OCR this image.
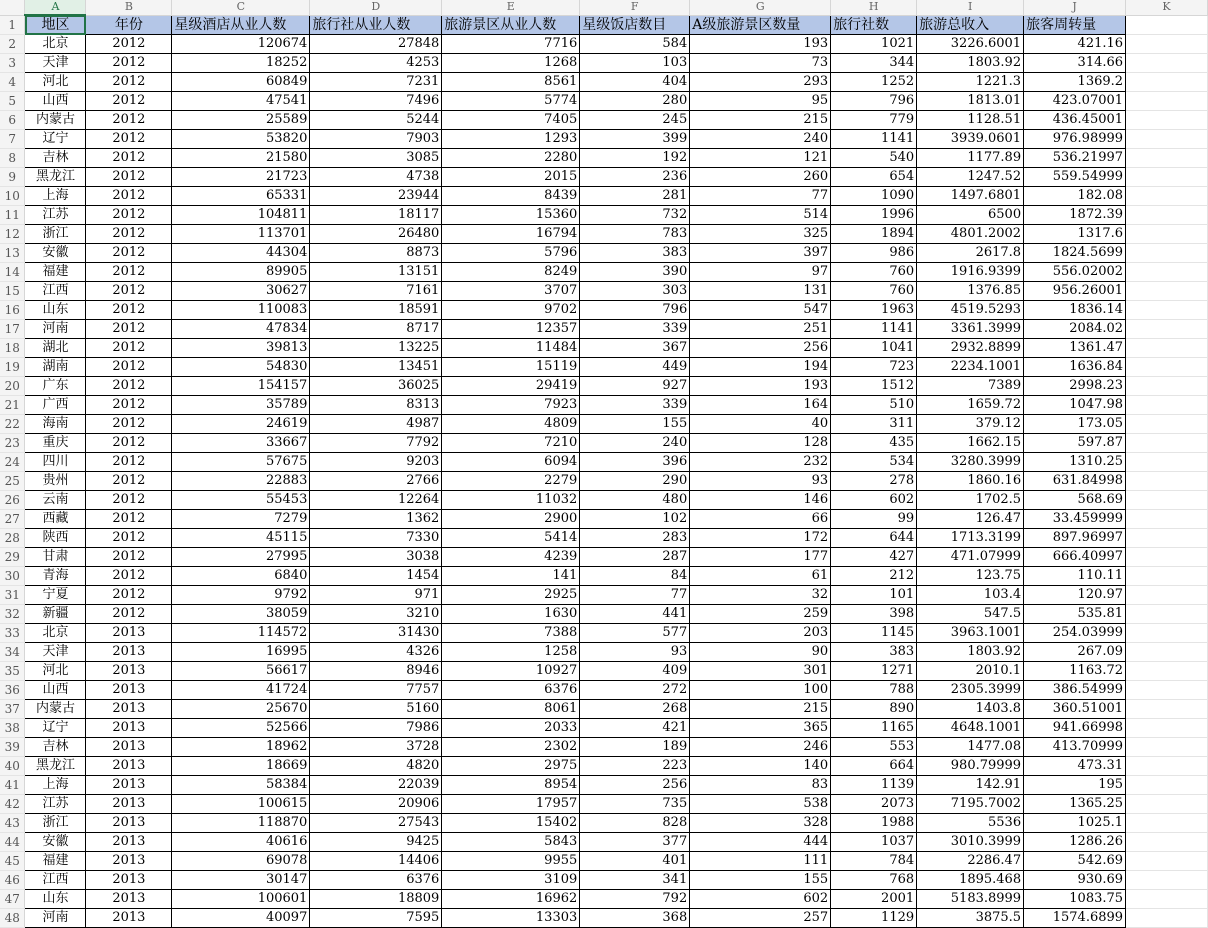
	A	B	C	D	E	F	G	H	I	J	K
1	地区	年份	星级酒店从业人数	旅行社从业人数	旅游景区从业人数	星级饭店数目	A级旅游景区数量	旅行社数	旅游总收入	旅客周转量	
2	北京	2012	120674	27848	7716	584	193	1021	3226.6001	421.16	
3	天津	2012	18252	4253	1268	103	73	344	1803.92	314.66	
4	河北	2012	60849	7231	8561	404	293	1252	1221.3	1369.2	
5	山西	2012	47541	7496	5774	280	95	796	1813.01	423.07001	
6	内蒙古	2012	25589	5244	7405	245	215	779	1128.51	436.45001	
7	辽宁	2012	53820	7903	1293	399	240	1141	3939.0601	976.98999	
8	吉林	2012	21580	3085	2280	192	121	540	1177.89	536.21997	
9	黑龙江	2012	21723	4738	2015	236	260	654	1247.52	559.54999	
10	上海	2012	65331	23944	8439	281	77	1090	1497.6801	182.08	
11	江苏	2012	104811	18117	15360	732	514	1996	6500	1872.39	
12	浙江	2012	113701	26480	16794	783	325	1894	4801.2002	1317.6	
13	安徽	2012	44304	8873	5796	383	397	986	2617.8	1824.5699	
14	福建	2012	89905	13151	8249	390	97	760	1916.9399	556.02002	
15	江西	2012	30627	7161	3707	303	131	760	1376.85	956.26001	
16	山东	2012	110083	18591	9702	796	547	1963	4519.5293	1836.14	
17	河南	2012	47834	8717	12357	339	251	1141	3361.3999	2084.02	
18	湖北	2012	39813	13225	11484	367	256	1041	2932.8899	1361.47	
19	湖南	2012	54830	13451	15119	449	194	723	2234.1001	1636.84	
20	广东	2012	154157	36025	29419	927	193	1512	7389	2998.23	
21	广西	2012	35789	8313	7923	339	164	510	1659.72	1047.98	
22	海南	2012	24619	4987	4809	155	40	311	379.12	173.05	
23	重庆	2012	33667	7792	7210	240	128	435	1662.15	597.87	
24	四川	2012	57675	9203	6094	396	232	534	3280.3999	1310.25	
25	贵州	2012	22883	2766	2279	290	93	278	1860.16	631.84998	
26	云南	2012	55453	12264	11032	480	146	602	1702.5	568.69	
27	西藏	2012	7279	1362	2900	102	66	99	126.47	33.459999	
28	陕西	2012	45115	7330	5414	283	172	644	1713.3199	897.96997	
29	甘肃	2012	27995	3038	4239	287	177	427	471.07999	666.40997	
30	青海	2012	6840	1454	141	84	61	212	123.75	110.11	
31	宁夏	2012	9792	971	2925	77	32	101	103.4	120.97	
32	新疆	2012	38059	3210	1630	441	259	398	547.5	535.81	
33	北京	2013	114572	31430	7388	577	203	1145	3963.1001	254.03999	
34	天津	2013	16995	4326	1258	93	90	383	1803.92	267.09	
35	河北	2013	56617	8946	10927	409	301	1271	2010.1	1163.72	
36	山西	2013	41724	7757	6376	272	100	788	2305.3999	386.54999	
37	内蒙古	2013	25670	5160	8061	268	215	890	1403.8	360.51001	
38	辽宁	2013	52566	7986	2033	421	365	1165	4648.1001	941.66998	
39	吉林	2013	18962	3728	2302	189	246	553	1477.08	413.70999	
40	黑龙江	2013	18669	4820	2975	223	140	664	980.79999	473.31	
41	上海	2013	58384	22039	8954	256	83	1139	142.91	195	
42	江苏	2013	100615	20906	17957	735	538	2073	7195.7002	1365.25	
43	浙江	2013	118870	27543	15402	828	328	1988	5536	1025.1	
44	安徽	2013	40616	9425	5843	377	444	1037	3010.3999	1286.26	
45	福建	2013	69078	14406	9955	401	111	784	2286.47	542.69	
46	江西	2013	30147	6376	3109	341	155	768	1895.468	930.69	
47	山东	2013	100601	18809	16962	792	602	2001	5183.8999	1083.75	
48	河南	2013	40097	7595	13303	368	257	1129	3875.5	1574.6899	
